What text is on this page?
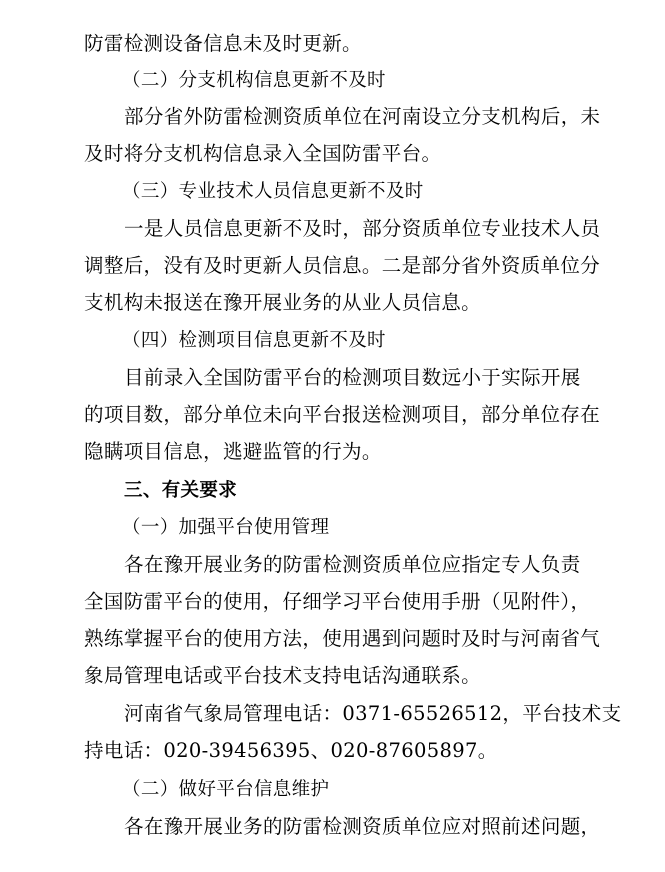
防雷检测设备信息未及时更新。
（二）分支机构信息更新不及时
部分省外防雷检测资质单位在河南设立分支机构后，未
及时将分支机构信息录入全国防雷平台。
（三）专业技术人员信息更新不及时
一是人员信息更新不及时，部分资质单位专业技术人员
调整后，没有及时更新人员信息。二是部分省外资质单位分
支机构未报送在豫开展业务的从业人员信息。
（四）检测项目信息更新不及时
目前录入全国防雷平台的检测项目数远小于实际开展
的项目数，部分单位未向平台报送检测项目，部分单位存在
隐瞒项目信息，逃避监管的行为。
三、有关要求
（一）加强平台使用管理
各在豫开展业务的防雷检测资质单位应指定专人负责
全国防雷平台的使用，仔细学习平台使用手册（见附件），
熟练掌握平台的使用方法，使用遇到问题时及时与河南省气
象局管理电话或平台技术支持电话沟通联系。
河南省气象局管理电话：0371-65526512，平台技术支
持电话：020-39456395、020-87605897。
（二）做好平台信息维护
各在豫开展业务的防雷检测资质单位应对照前述问题，
